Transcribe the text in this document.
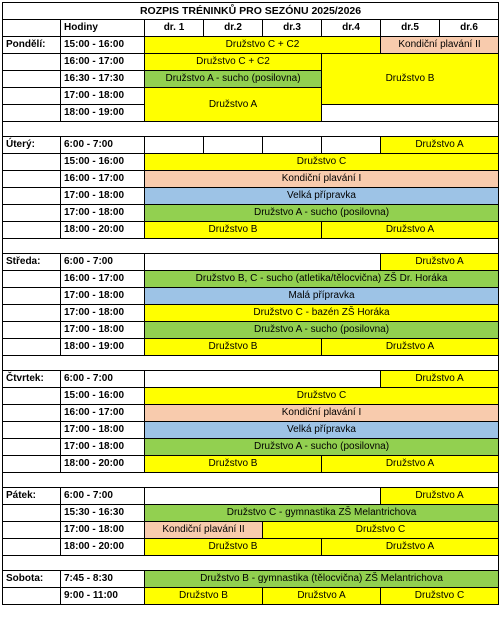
ROZPIS TRÉNINKŮ PRO SEZÓNU 2025/2026							
	Hodiny	dr. 1	dr.2	dr.3	dr.4	dr.5	dr.6
Pondělí:	15:00 - 16:00	Družstvo C + C2				Kondiční plavání II	
	16:00 - 17:00	Družstvo C + C2			Družstvo B		
	16:30 - 17:30	Družstvo A - sucho (posilovna)					
	17:00 - 18:00	Družstvo A					
	18:00 - 19:00						

Úterý:	6:00 - 7:00					Družstvo A	
	15:00 - 16:00	Družstvo C					
	16:00 - 17:00	Kondiční plavání I					
	17:00 - 18:00	Velká přípravka					
	17:00 - 18:00	Družstvo A - sucho (posilovna)					
	18:00 - 20:00	Družstvo B			Družstvo A		

Středa:	6:00 - 7:00					Družstvo A	
	16:00 - 17:00	Družstvo B, C - sucho (atletika/tělocvična) ZŠ Dr. Horáka					
	17:00 - 18:00	Malá přípravka					
	17:00 - 18:00	Družstvo C - bazén ZŠ Horáka					
	17:00 - 18:00	Družstvo A - sucho (posilovna)					
	18:00 - 19:00	Družstvo B			Družstvo A		

Čtvrtek:	6:00 - 7:00					Družstvo A	
	15:00 - 16:00	Družstvo C					
	16:00 - 17:00	Kondiční plavání I					
	17:00 - 18:00	Velká přípravka					
	17:00 - 18:00	Družstvo A - sucho (posilovna)					
	18:00 - 20:00	Družstvo B			Družstvo A		

Pátek:	6:00 - 7:00					Družstvo A	
	15:30 - 16:30	Družstvo C - gymnastika ZŠ Melantrichova					
	17:00 - 18:00	Kondiční plavání II		Družstvo C			
	18:00 - 20:00	Družstvo B			Družstvo A		

Sobota:	7:45 - 8:30	Družstvo B - gymnastika (tělocvična) ZŠ Melantrichova					
	9:00 - 11:00	Družstvo B		Družstvo A		Družstvo C	
